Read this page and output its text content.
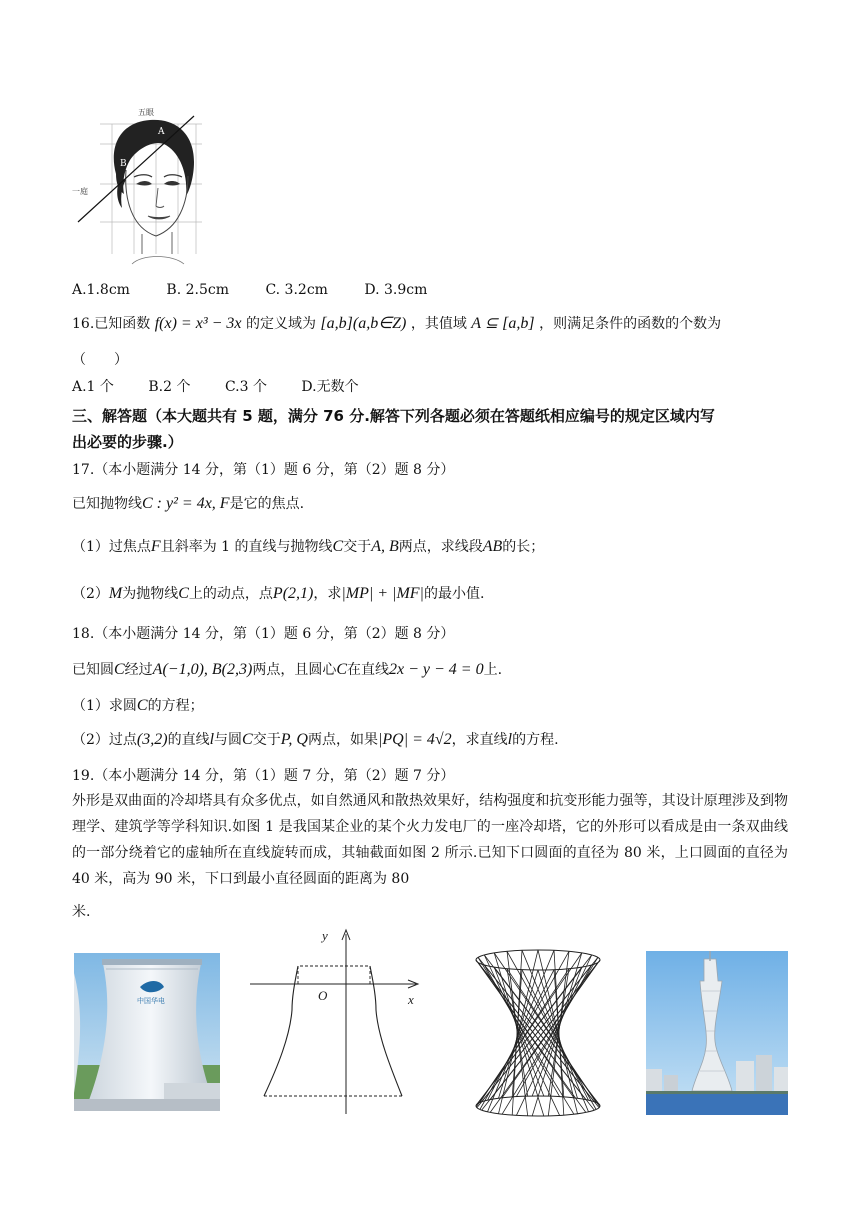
五眼
一庭
A
B
A.1.8cm	B. 2.5cm	C. 3.2cm	D. 3.9cm
16.已知函数 f(x) = x³ − 3x 的定义域为 [a,b](a,b∈Z) ，其值域 A ⊆ [a,b] ，则满足条件的函数的个数为
（　　）
A.1 个 B.2 个 C.3 个 D.无数个
三、解答题（本大题共有 5 题，满分 76 分.解答下列各题必须在答题纸相应编号的规定区域内写
出必要的步骤.）
17.（本小题满分 14 分，第（1）题 6 分，第（2）题 8 分）
已知抛物线C : y² = 4x, F是它的焦点.
（1）过焦点F且斜率为 1 的直线与抛物线C交于A, B两点，求线段AB的长；
（2）M为抛物线C上的动点，点P(2,1)，求|MP| + |MF|的最小值.
18.（本小题满分 14 分，第（1）题 6 分，第（2）题 8 分）
已知圆C经过A(−1,0), B(2,3)两点，且圆心C在直线2x − y − 4 = 0上.
（1）求圆C的方程；
（2）过点(3,2)的直线l与圆C交于P, Q两点，如果|PQ| = 4√2，求直线l的方程.
19.（本小题满分 14 分，第（1）题 7 分，第（2）题 7 分）
外形是双曲面的冷却塔具有众多优点，如自然通风和散热效果好，结构强度和抗变形能力强等，其设计原理涉及到物理学、建筑学等学科知识.如图 1 是我国某企业的某个火力发电厂的一座冷却塔，它的外形可以看成是由一条双曲线的一部分绕着它的虚轴所在直线旋转而成，其轴截面如图 2 所示.已知下口圆面的直径为 80 米，上口圆面的直径为 40 米，高为 90 米，下口到最小直径圆面的距离为 80
米.
中国华电
y
x
O
